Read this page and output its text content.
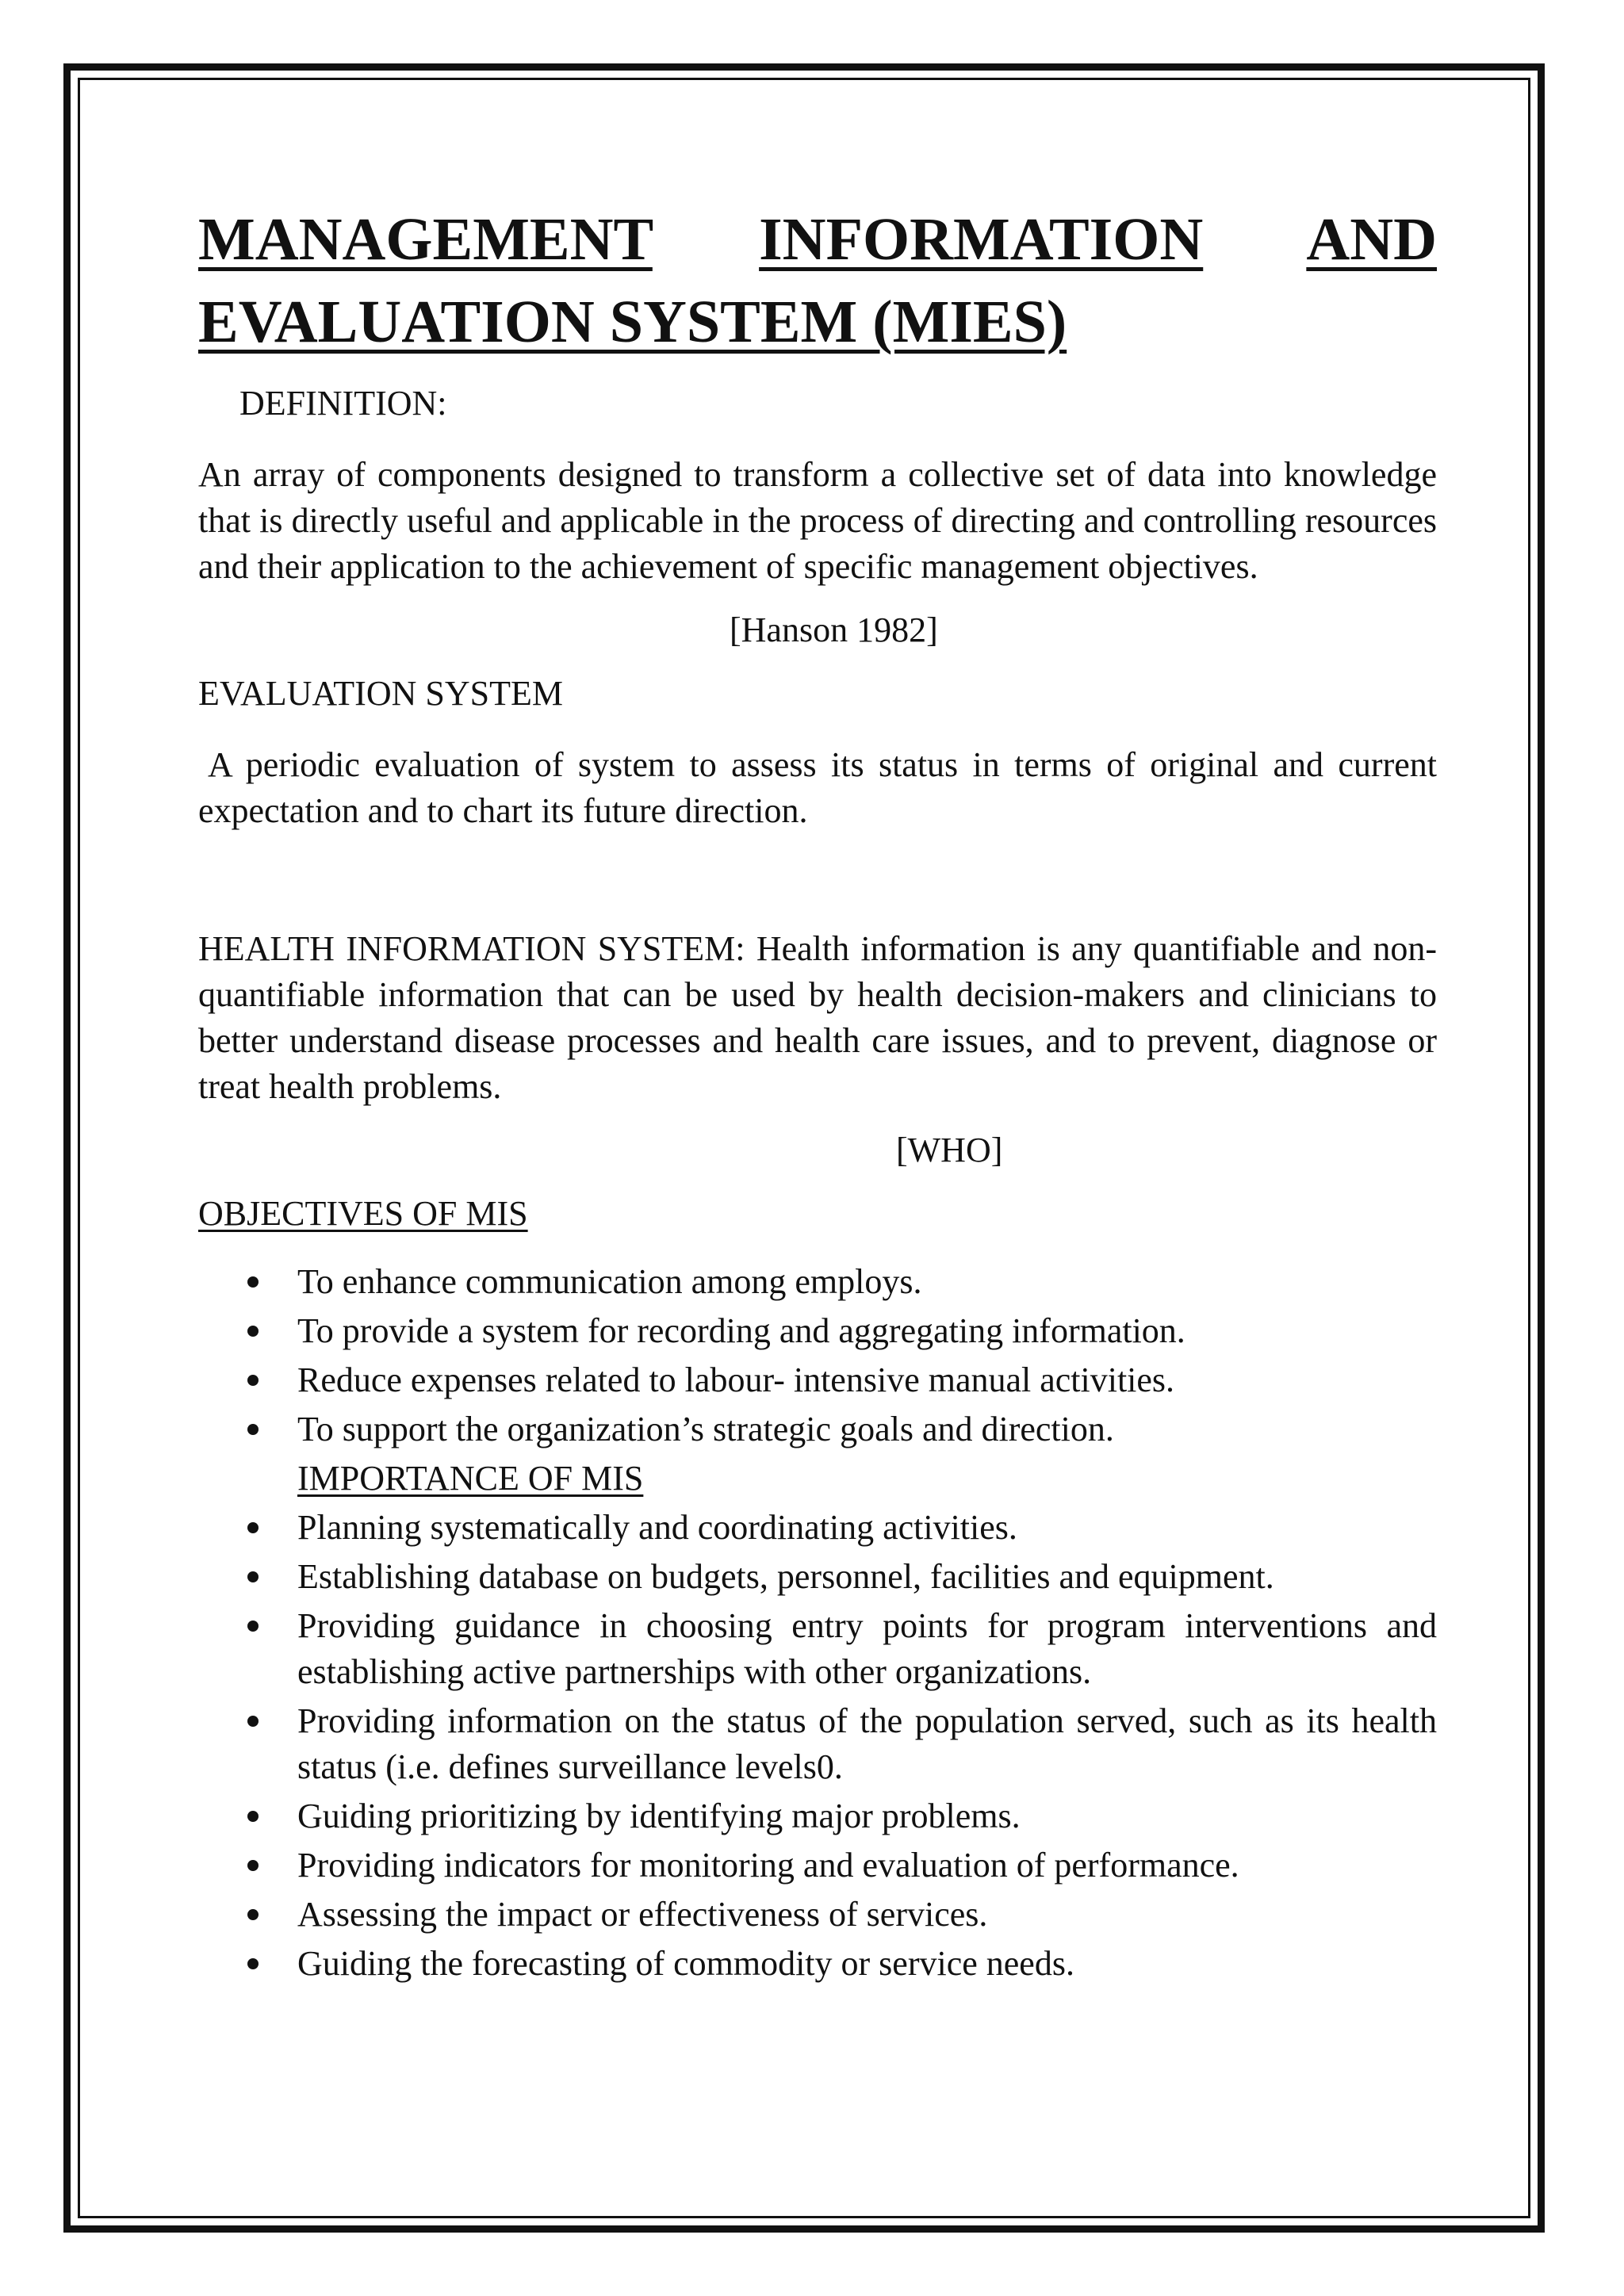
MANAGEMENT INFORMATION AND

EVALUATION SYSTEM (MIES)

DEFINITION:

An array of components designed to transform a collective set of data into knowledge that is directly useful and applicable in the process of directing and controlling resources and their application to the achievement of specific management objectives.

[Hanson 1982]

EVALUATION SYSTEM

A periodic evaluation of system to assess its status in terms of original and current expectation and to chart its future direction.

HEALTH INFORMATION SYSTEM: Health information is any quantifiable and non-quantifiable information that can be used by health decision-makers and clinicians to better understand disease processes and health care issues, and to prevent, diagnose or treat health problems.

[WHO]

OBJECTIVES OF MIS

To enhance communication among employs.
To provide a system for recording and aggregating information.
Reduce expenses related to labour- intensive manual activities.
To support the organization’s strategic goals and direction.

IMPORTANCE OF MIS

Planning systematically and coordinating activities.
Establishing database on budgets, personnel, facilities and equipment.
Providing guidance in choosing entry points for program interventions and establishing active partnerships with other organizations.
Providing information on the status of the population served, such as its health status (i.e. defines surveillance levels0.
Guiding prioritizing by identifying major problems.
Providing indicators for monitoring and evaluation of performance.
Assessing the impact or effectiveness of services.
Guiding the forecasting of commodity or service needs.
